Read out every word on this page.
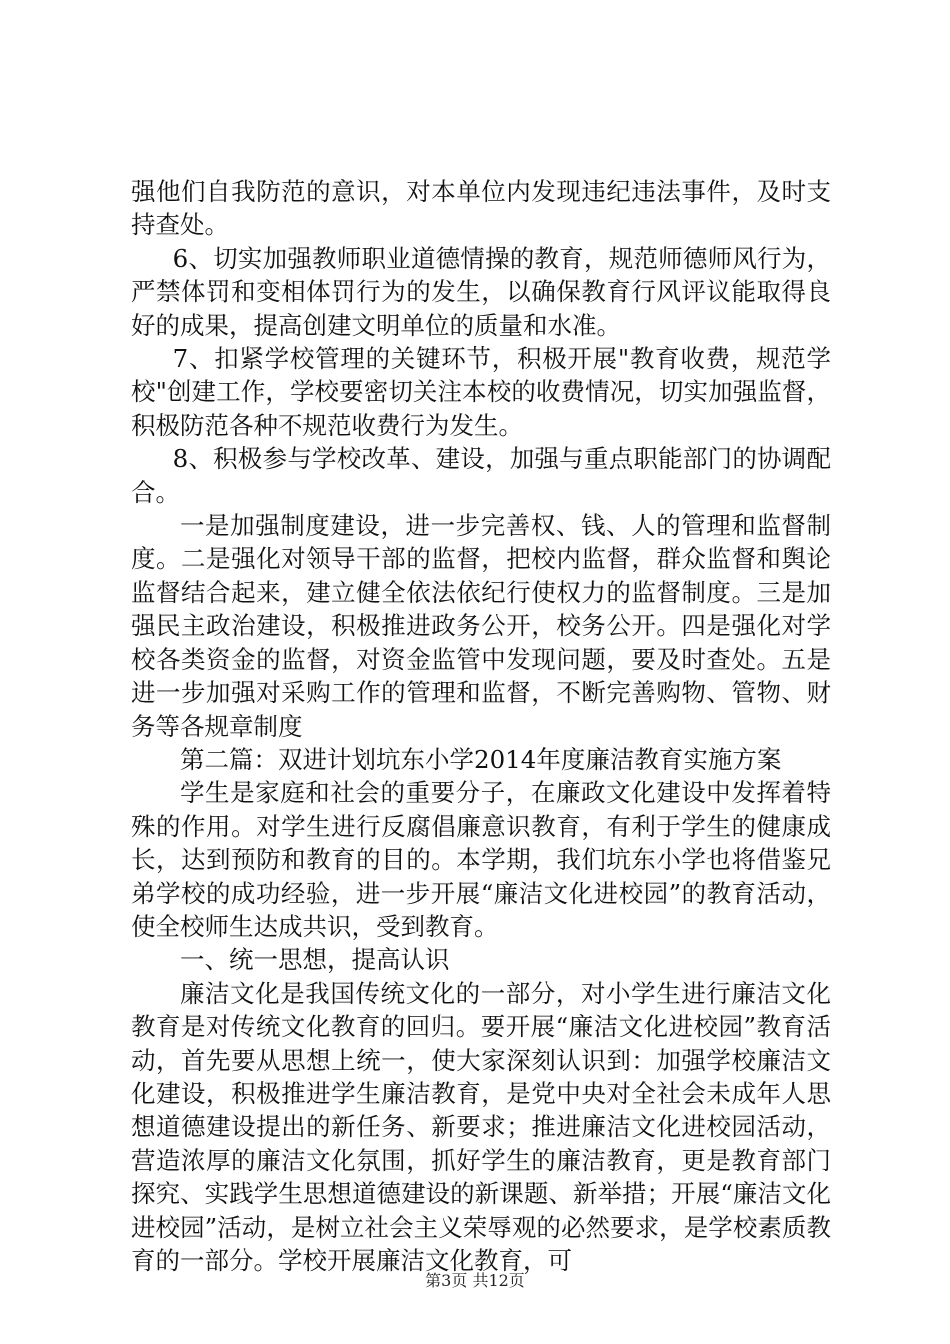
强他们自我防范的意识，对本单位内发现违纪违法事件，及时支持查处。

6、切实加强教师职业道德情操的教育，规范师德师风行为，严禁体罚和变相体罚行为的发生，以确保教育行风评议能取得良好的成果，提高创建文明单位的质量和水准。

7、扣紧学校管理的关键环节，积极开展"教育收费，规范学校"创建工作，学校要密切关注本校的收费情况，切实加强监督，积极防范各种不规范收费行为发生。

8、积极参与学校改革、建设，加强与重点职能部门的协调配合。

一是加强制度建设，进一步完善权、钱、人的管理和监督制度。二是强化对领导干部的监督，把校内监督，群众监督和舆论监督结合起来，建立健全依法依纪行使权力的监督制度。三是加强民主政治建设，积极推进政务公开，校务公开。四是强化对学校各类资金的监督，对资金监管中发现问题，要及时查处。五是进一步加强对采购工作的管理和监督，不断完善购物、管物、财务等各规章制度

第二篇：双进计划坑东小学2014年度廉洁教育实施方案

学生是家庭和社会的重要分子，在廉政文化建设中发挥着特殊的作用。对学生进行反腐倡廉意识教育，有利于学生的健康成长，达到预防和教育的目的。本学期，我们坑东小学也将借鉴兄弟学校的成功经验，进一步开展“廉洁文化进校园”的教育活动，使全校师生达成共识，受到教育。

一、统一思想，提高认识

廉洁文化是我国传统文化的一部分，对小学生进行廉洁文化教育是对传统文化教育的回归。要开展“廉洁文化进校园”教育活动，首先要从思想上统一，使大家深刻认识到：加强学校廉洁文化建设，积极推进学生廉洁教育，是党中央对全社会未成年人思想道德建设提出的新任务、新要求；推进廉洁文化进校园活动，营造浓厚的廉洁文化氛围，抓好学生的廉洁教育，更是教育部门探究、实践学生思想道德建设的新课题、新举措；开展“廉洁文化进校园”活动，是树立社会主义荣辱观的必然要求，是学校素质教育的一部分。学校开展廉洁文化教育，可

第3页 共12页
